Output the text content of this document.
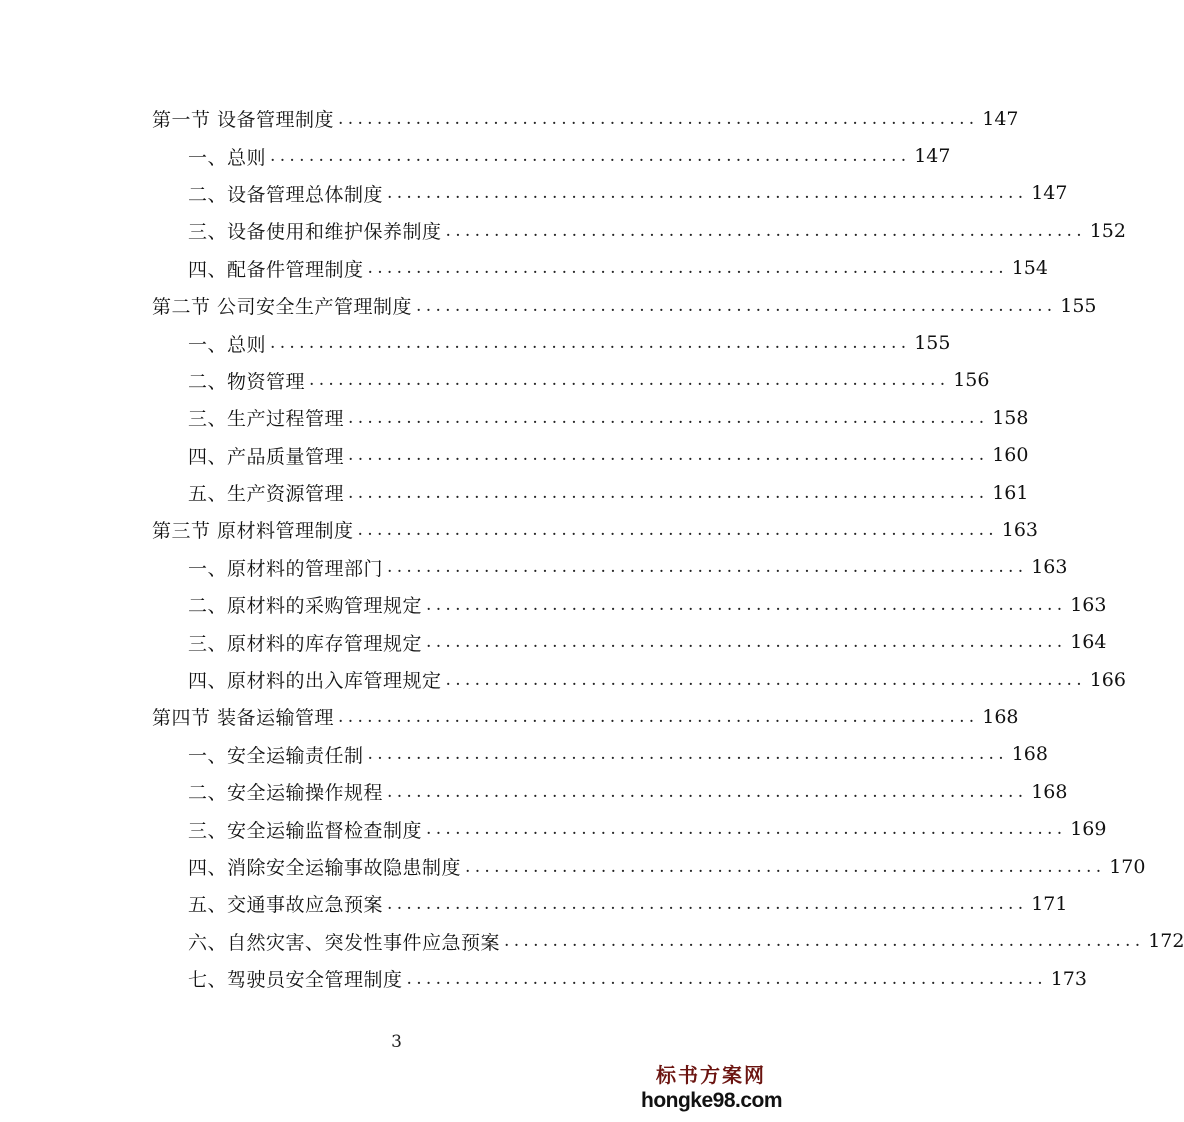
第一节 设备管理制度 .................................................................. 147
一、总则 .................................................................. 147
二、设备管理总体制度 .................................................................. 147
三、设备使用和维护保养制度 .................................................................. 152
四、配备件管理制度 .................................................................. 154
第二节 公司安全生产管理制度 .................................................................. 155
一、总则 .................................................................. 155
二、物资管理 .................................................................. 156
三、生产过程管理 .................................................................. 158
四、产品质量管理 .................................................................. 160
五、生产资源管理 .................................................................. 161
第三节 原材料管理制度 .................................................................. 163
一、原材料的管理部门 .................................................................. 163
二、原材料的采购管理规定 .................................................................. 163
三、原材料的库存管理规定 .................................................................. 164
四、原材料的出入库管理规定 .................................................................. 166
第四节 装备运输管理 .................................................................. 168
一、安全运输责任制 .................................................................. 168
二、安全运输操作规程 .................................................................. 168
三、安全运输监督检查制度 .................................................................. 169
四、消除安全运输事故隐患制度 .................................................................. 170
五、交通事故应急预案 .................................................................. 171
六、自然灾害、突发性事件应急预案 .................................................................. 172
七、驾驶员安全管理制度 .................................................................. 173
3
标书方案网
hongke98.com
